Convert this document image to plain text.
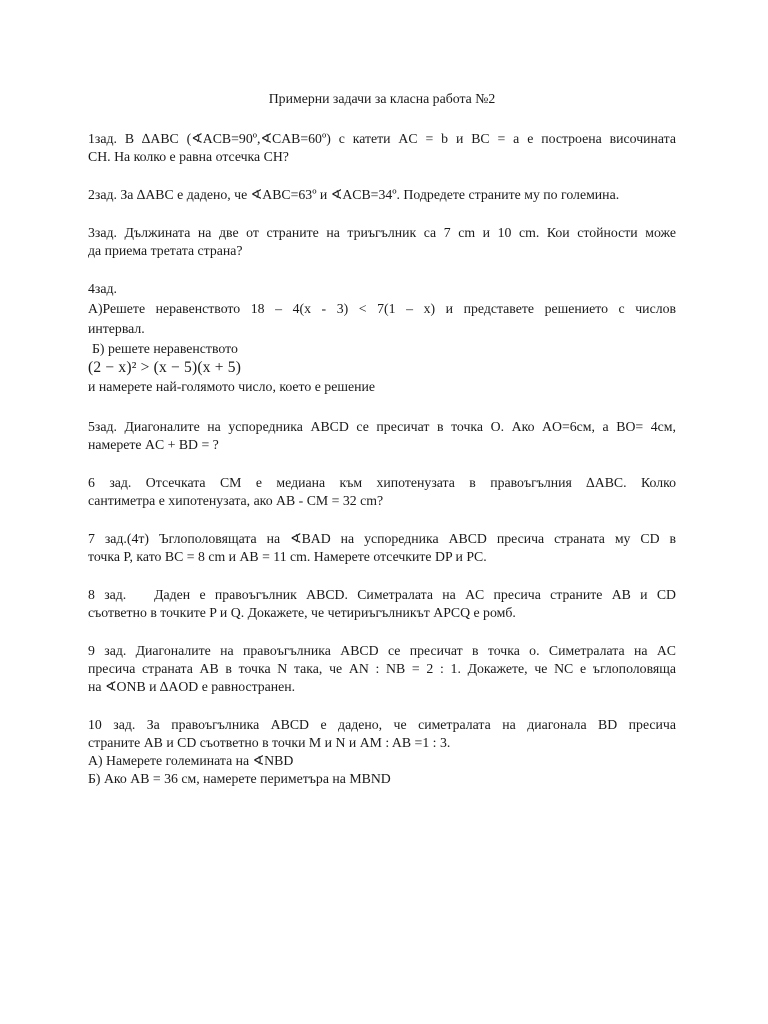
Примерни задачи за класна работа №2
1зад. В ∆ABC (∢ACB=90º,∢CAB=60º) с катети AC = b и BC = a е построена височината
CH. На колко е равна отсечка CH?
2зад. За ∆ABC е дадено, че ∢ABC=63º и ∢ACB=34º. Подредете страните му по големина.
3зад. Дължината на две от страните на триъгълник са 7 cm и 10 cm. Кои стойности може
да приема третата страна?
4зад.
А)Решете неравенството 18 – 4(x - 3) < 7(1 – x) и представете решението с числов
интервал.
Б) решете неравенството
(2 − x)² > (x − 5)(x + 5)
и намерете най-голямото число, което е решение
5зад. Диагоналите на успоредника ABCD се пресичат в точка O. Ако AO=6см, а BO= 4см,
намерете AC + BD = ?
6 зад. Отсечката CM е медиана към хипотенузата в правоъгълния ∆ABC. Колко
сантиметра е хипотенузата, ако AB - CM = 32 cm?
7 зад.(4т) Ъглополовящата на ∢BAD на успоредника ABCD пресича страната му CD в
точка P, като BC = 8 cm и AB = 11 cm. Намерете отсечките DP и PC.
8 зад.   Даден е правоъгълник ABCD. Симетралата на AC пресича страните AB и CD
съответно в точките P и Q. Докажете, че четириъгълникът APCQ е ромб.
9 зад. Диагоналите на правоъгълника ABCD се пресичат в точка о. Симетралата на AC
пресича страната AB в точка N така, че AN : NB = 2 : 1. Докажете, че NC е ъглополовяща
на ∢ONB и ∆AOD е равностранен.
10 зад. За правоъгълника ABCD е дадено, че симетралата на диагонала BD пресича
страните AB и CD съответно в точки M и N и AM : AB =1 : 3.
А) Намерете големината на ∢NBD
Б) Ако AB = 36 см, намерете периметъра на MBND
